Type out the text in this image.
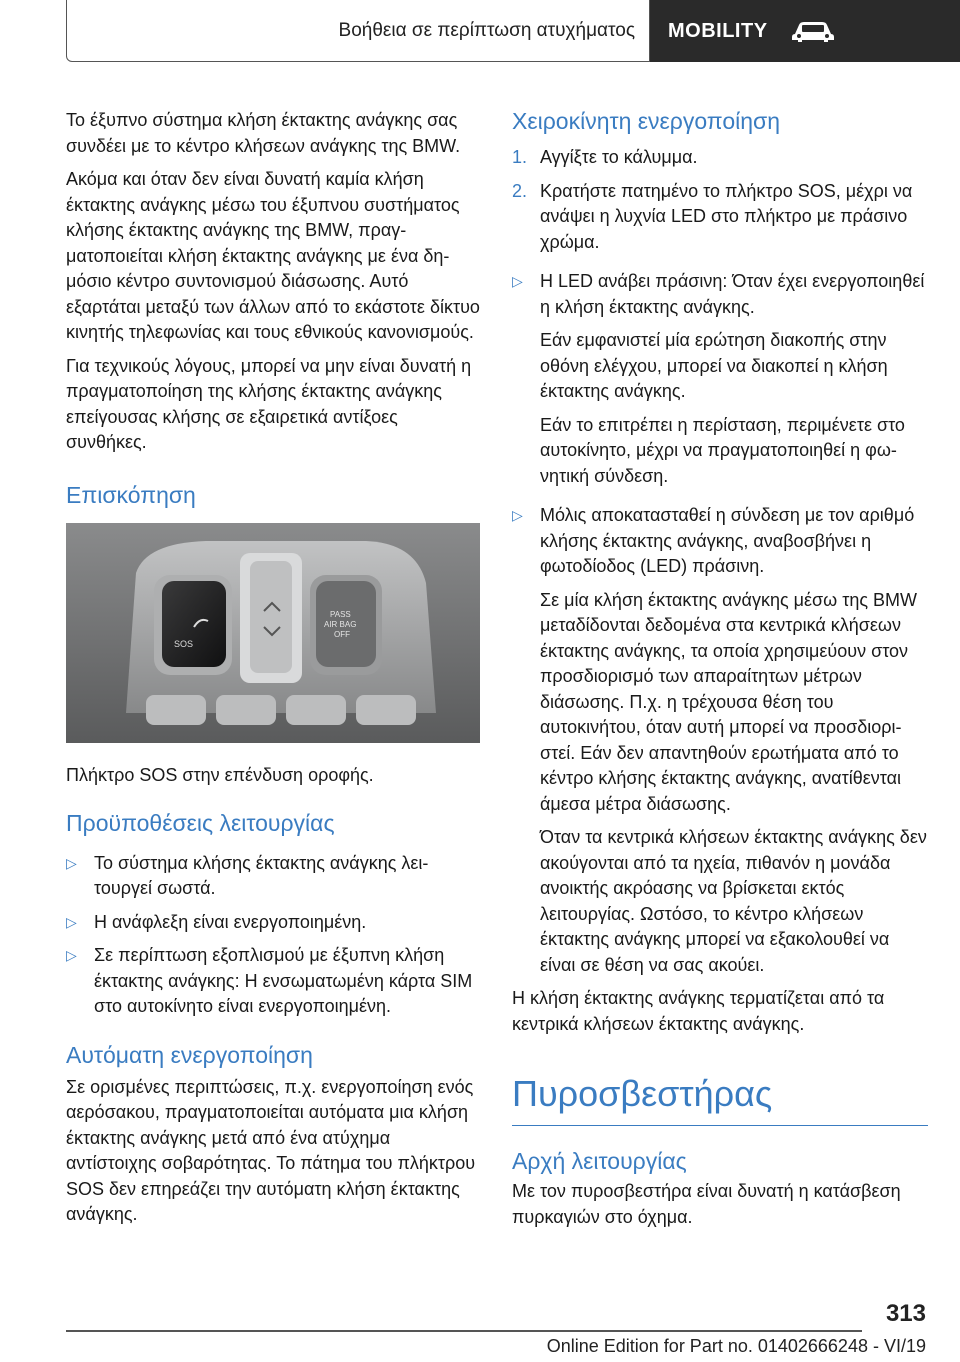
Βοήθεια σε περίπτωση ατυχήματος	MOBILITY

Το έξυπνο σύστημα κλήση έκτακτης ανάγκης σας συνδέει με το κέντρο κλήσεων ανάγκης της BMW.

Ακόμα και όταν δεν είναι δυνατή καμία κλήση έκτακτης ανάγκης μέσω του έξυπνου συστήματος κλήσης έκτακτης ανάγκης της BMW, πραγματοποιείται κλήση έκτακτης ανάγκης με ένα δημόσιο κέντρο συντονισμού διάσωσης. Αυτό εξαρτάται μεταξύ των άλλων από το εκάστοτε δίκτυο κινητής τηλεφωνίας και τους εθνικούς κανονισμούς.

Για τεχνικούς λόγους, μπορεί να μην είναι δυνατή η πραγματοποίηση της κλήσης έκτακτης ανάγκης επείγουσας κλήσης σε εξαιρετικά αντίξοες συνθήκες.

Επισκόπηση
SOS
PASS
AIR BAG
OFF

Πλήκτρο SOS στην επένδυση οροφής.

Προϋποθέσεις λειτουργίας
▷ Το σύστημα κλήσης έκτακτης ανάγκης λειτουργεί σωστά.
▷ Η ανάφλεξη είναι ενεργοποιημένη.
▷ Σε περίπτωση εξοπλισμού με έξυπνη κλήση έκτακτης ανάγκης: Η ενσωματωμένη κάρτα SIM στο αυτοκίνητο είναι ενεργοποιημένη.
Αυτόματη ενεργοποίηση

Σε ορισμένες περιπτώσεις, π.χ. ενεργοποίηση ενός αερόσακου, πραγματοποιείται αυτόματα μια κλήση έκτακτης ανάγκης μετά από ένα ατύχημα αντίστοιχης σοβαρότητας. Το πάτημα του πλήκτρου SOS δεν επηρεάζει την αυτόματη κλήση έκτακτης ανάγκης.

Χειροκίνητη ενεργοποίηση
1. Αγγίξτε το κάλυμμα.
2. Κρατήστε πατημένο το πλήκτρο SOS, μέχρι να ανάψει η λυχνία LED στο πλήκτρο με πράσινο χρώμα.
▷ Η LED ανάβει πράσινη: Όταν έχει ενεργοποιηθεί η κλήση έκτακτης ανάγκης.

Εάν εμφανιστεί μία ερώτηση διακοπής στην οθόνη ελέγχου, μπορεί να διακοπεί η κλήση έκτακτης ανάγκης.

Εάν το επιτρέπει η περίσταση, περιμένετε στο αυτοκίνητο, μέχρι να πραγματοποιηθεί η φωνητική σύνδεση.

▷ Μόλις αποκατασταθεί η σύνδεση με τον αριθμό κλήσης έκτακτης ανάγκης, αναβοσβήνει η φωτοδίοδος (LED) πράσινη.

Σε μία κλήση έκτακτης ανάγκης μέσω της BMW μεταδίδονται δεδομένα στα κεντρικά κλήσεων έκτακτης ανάγκης, τα οποία χρησιμεύουν στον προσδιορισμό των απαραίτητων μέτρων διάσωσης. Π.χ. η τρέχουσα θέση του αυτοκινήτου, όταν αυτή μπορεί να προσδιοριστεί. Εάν δεν απαντηθούν ερωτήματα από το κέντρο κλήσης έκτακτης ανάγκης, ανατίθενται άμεσα μέτρα διάσωσης.

Όταν τα κεντρικά κλήσεων έκτακτης ανάγκης δεν ακούγονται από τα ηχεία, πιθανόν η μονάδα ανοικτής ακρόασης να βρίσκεται εκτός λειτουργίας. Ωστόσο, το κέντρο κλήσεων έκτακτης ανάγκης μπορεί να εξακολουθεί να είναι σε θέση να σας ακούει.

Η κλήση έκτακτης ανάγκης τερματίζεται από τα κεντρικά κλήσεων έκτακτης ανάγκης.

Πυροσβεστήρας
Αρχή λειτουργίας

Με τον πυροσβεστήρα είναι δυνατή η κατάσβεση πυρκαγιών στο όχημα.

313
Online Edition for Part no. 01402666248 - VI/19
